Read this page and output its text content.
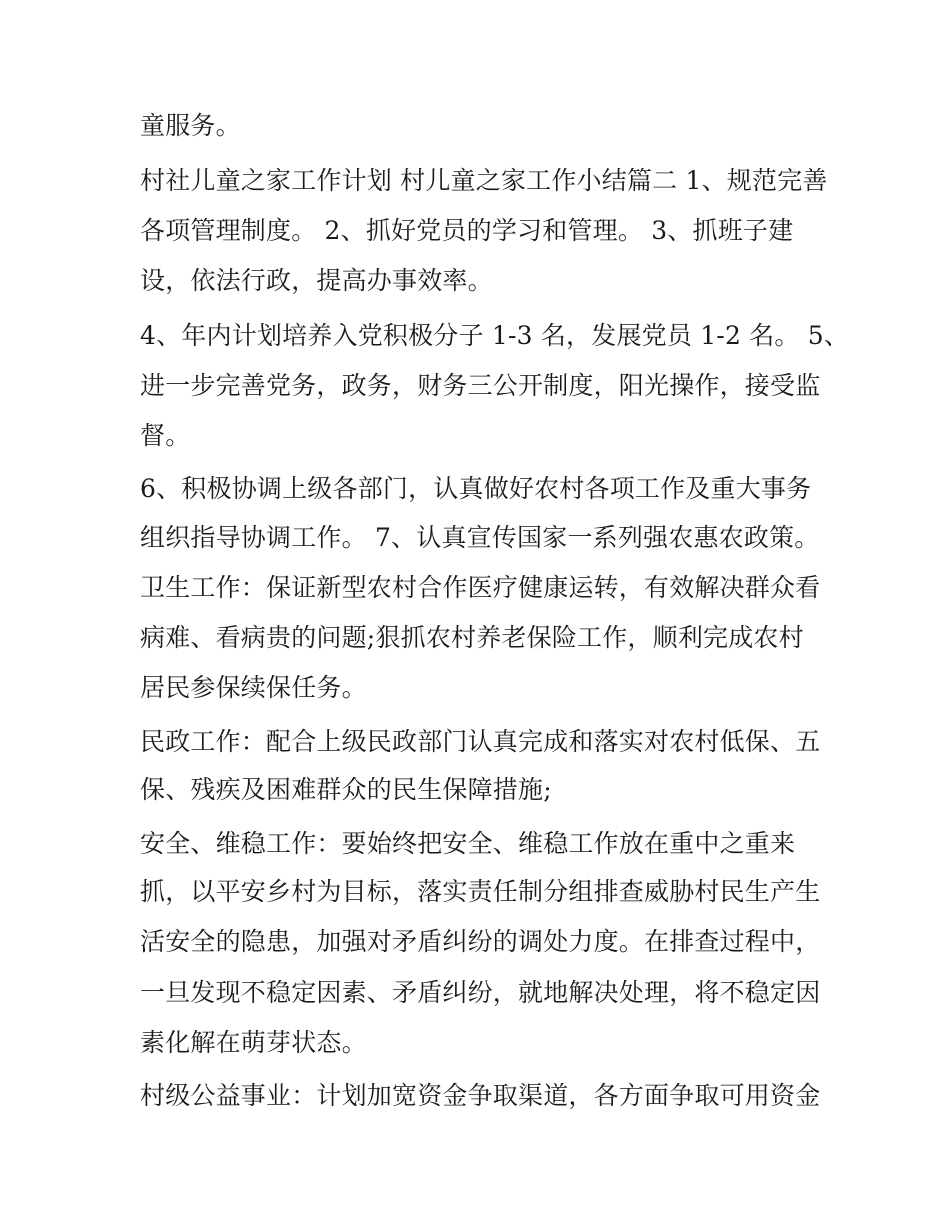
童服务。
村社儿童之家工作计划 村儿童之家工作小结篇二 1、规范完善
各项管理制度。 2、抓好党员的学习和管理。 3、抓班子建
设，依法行政，提高办事效率。
4、年内计划培养入党积极分子 1-3 名，发展党员 1-2 名。 5、
进一步完善党务，政务，财务三公开制度，阳光操作，接受监
督。
6、积极协调上级各部门，认真做好农村各项工作及重大事务
组织指导协调工作。 7、认真宣传国家一系列强农惠农政策。
卫生工作：保证新型农村合作医疗健康运转，有效解决群众看
病难、看病贵的问题;狠抓农村养老保险工作，顺利完成农村
居民参保续保任务。
民政工作：配合上级民政部门认真完成和落实对农村低保、五
保、残疾及困难群众的民生保障措施;
安全、维稳工作：要始终把安全、维稳工作放在重中之重来
抓，以平安乡村为目标，落实责任制分组排查威胁村民生产生
活安全的隐患，加强对矛盾纠纷的调处力度。在排查过程中，
一旦发现不稳定因素、矛盾纠纷，就地解决处理，将不稳定因
素化解在萌芽状态。
村级公益事业：计划加宽资金争取渠道，各方面争取可用资金
